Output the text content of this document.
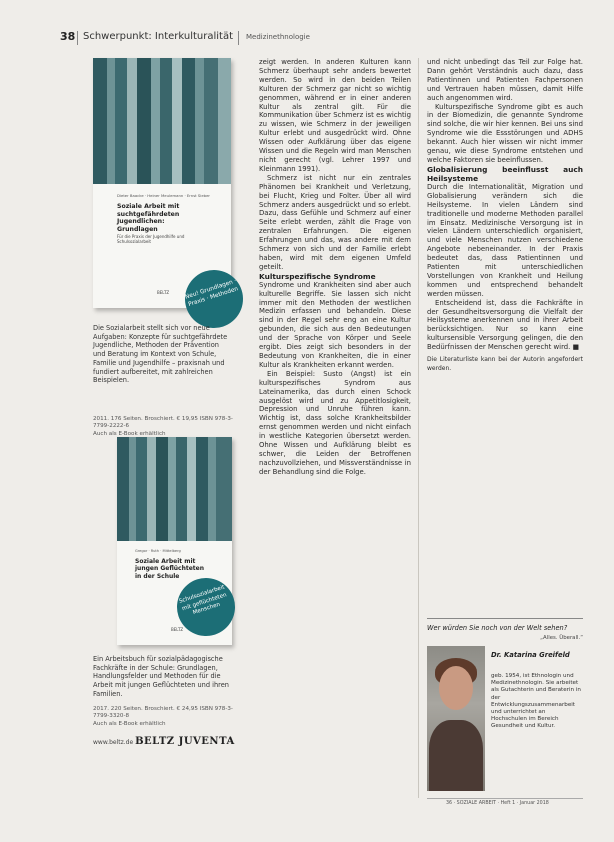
38 Schwerpunkt: Interkulturalität Medizinethnologie
Dieter Baacke · Heiner Meulemann · Ernst Sieber
Soziale Arbeit mit suchtgefährdeten Jugendlichen: Grundlagen
Für die Praxis der Jugendhilfe und Schulsozialarbeit
BELTZ	Neu! Grundlagen · Praxis · Methoden
Die Sozialarbeit stellt sich vor neue Aufgaben: Konzepte für suchtgefährdete Jugendliche, Methoden der Prävention und Beratung im Kontext von Schule, Familie und Jugendhilfe – praxisnah und fundiert aufbereitet, mit zahlreichen Beispielen.
2011. 176 Seiten. Broschiert. € 19,95 ISBN 978-3-7799-2222-6
Auch als E-Book erhältlich
Gregor · Ruth · Mittelberg
Soziale Arbeit mit jungen Geflüchteten in der Schule
BELTZ
Schulsozialarbeit mit geflüchteten Menschen
Ein Arbeitsbuch für sozialpädagogische Fachkräfte in der Schule: Grundlagen, Handlungsfelder und Methoden für die Arbeit mit jungen Geflüchteten und ihren Familien.
2017. 220 Seiten. Broschiert. € 24,95 ISBN 978-3-7799-3320-8
Auch als E-Book erhältlich
www.beltz.de BELTZ JUVENTA

zeigt werden. In anderen Kulturen kann Schmerz überhaupt sehr anders bewertet werden. So wird in den beiden Teilen Kulturen der Schmerz gar nicht so wichtig genommen, während er in einer anderen Kultur als zentral gilt. Für die Kommunikation über Schmerz ist es wichtig zu wissen, wie Schmerz in der jeweiligen Kultur erlebt und ausgedrückt wird. Ohne Wissen oder Aufklärung über das eigene Wissen und die Regeln wird man Menschen nicht gerecht (vgl. Lehrer 1997 und Kleinmann 1991).

Schmerz ist nicht nur ein zentrales Phänomen bei Krankheit und Verletzung, bei Flucht, Krieg und Folter. Über all wird Schmerz anders ausgedrückt und so erlebt. Dazu, dass Gefühle und Schmerz auf einer Seite erlebt werden, zählt die Frage von zentralen Erfahrungen. Die eigenen Erfahrungen und das, was andere mit dem Schmerz von sich und der Familie erlebt haben, wird mit dem eigenen Umfeld geteilt.

Kulturspezifische Syndrome

Syndrome und Krankheiten sind aber auch kulturelle Begriffe. Sie lassen sich nicht immer mit den Methoden der westlichen Medizin erfassen und behandeln. Diese sind in der Regel sehr eng an eine Kultur gebunden, die sich aus den Bedeutungen und der Sprache von Körper und Seele ergibt. Dies zeigt sich besonders in der Bedeutung von Krankheiten, die in einer Kultur als Krankheiten erkannt werden.

Ein Beispiel: Susto (Angst) ist ein kulturspezifisches Syndrom aus Lateinamerika, das durch einen Schock ausgelöst wird und zu Appetitlosigkeit, Depression und Unruhe führen kann. Wichtig ist, dass solche Krankheitsbilder ernst genommen werden und nicht einfach in westliche Kategorien übersetzt werden. Ohne Wissen und Aufklärung bleibt es schwer, die Leiden der Betroffenen nachzuvollziehen, und Missverständnisse in der Behandlung sind die Folge.

und nicht unbedingt das Teil zur Folge hat. Dann gehört Verständnis auch dazu, dass Patientinnen und Patienten Fachpersonen und Vertrauen haben müssen, damit Hilfe auch angenommen wird.

Kulturspezifische Syndrome gibt es auch in der Biomedizin, die genannte Syndrome sind solche, die wir hier kennen. Bei uns sind Syndrome wie die Essstörungen und ADHS bekannt. Auch hier wissen wir nicht immer genau, wie diese Syndrome entstehen und welche Faktoren sie beeinflussen.

Globalisierung beeinflusst auch Heilsysteme

Durch die Internationalität, Migration und Globalisierung verändern sich die Heilsysteme. In vielen Ländern sind traditionelle und moderne Methoden parallel im Einsatz. Medizinische Versorgung ist in vielen Ländern unterschiedlich organisiert, und viele Menschen nutzen verschiedene Angebote nebeneinander. In der Praxis bedeutet das, dass Patientinnen und Patienten mit unterschiedlichen Vorstellungen von Krankheit und Heilung kommen und entsprechend behandelt werden müssen.

Entscheidend ist, dass die Fachkräfte in der Gesundheitsversorgung die Vielfalt der Heilsysteme anerkennen und in ihrer Arbeit berücksichtigen. Nur so kann eine kultursensible Versorgung gelingen, die den Bedürfnissen der Menschen gerecht wird. ■

Die Literaturliste kann bei der Autorin angefordert werden.

Wer würden Sie noch von der Welt sehen?
„Alles. Überall.“
Dr. Katarina Greifeld
geb. 1954, ist Ethnologin und Medizinethnologin. Sie arbeitet als Gutachterin und Beraterin in der Entwicklungszusammenarbeit und unterrichtet an Hochschulen im Bereich Gesundheit und Kultur.
36 · SOZIALE ARBEIT · Heft 1 · Januar 2018
